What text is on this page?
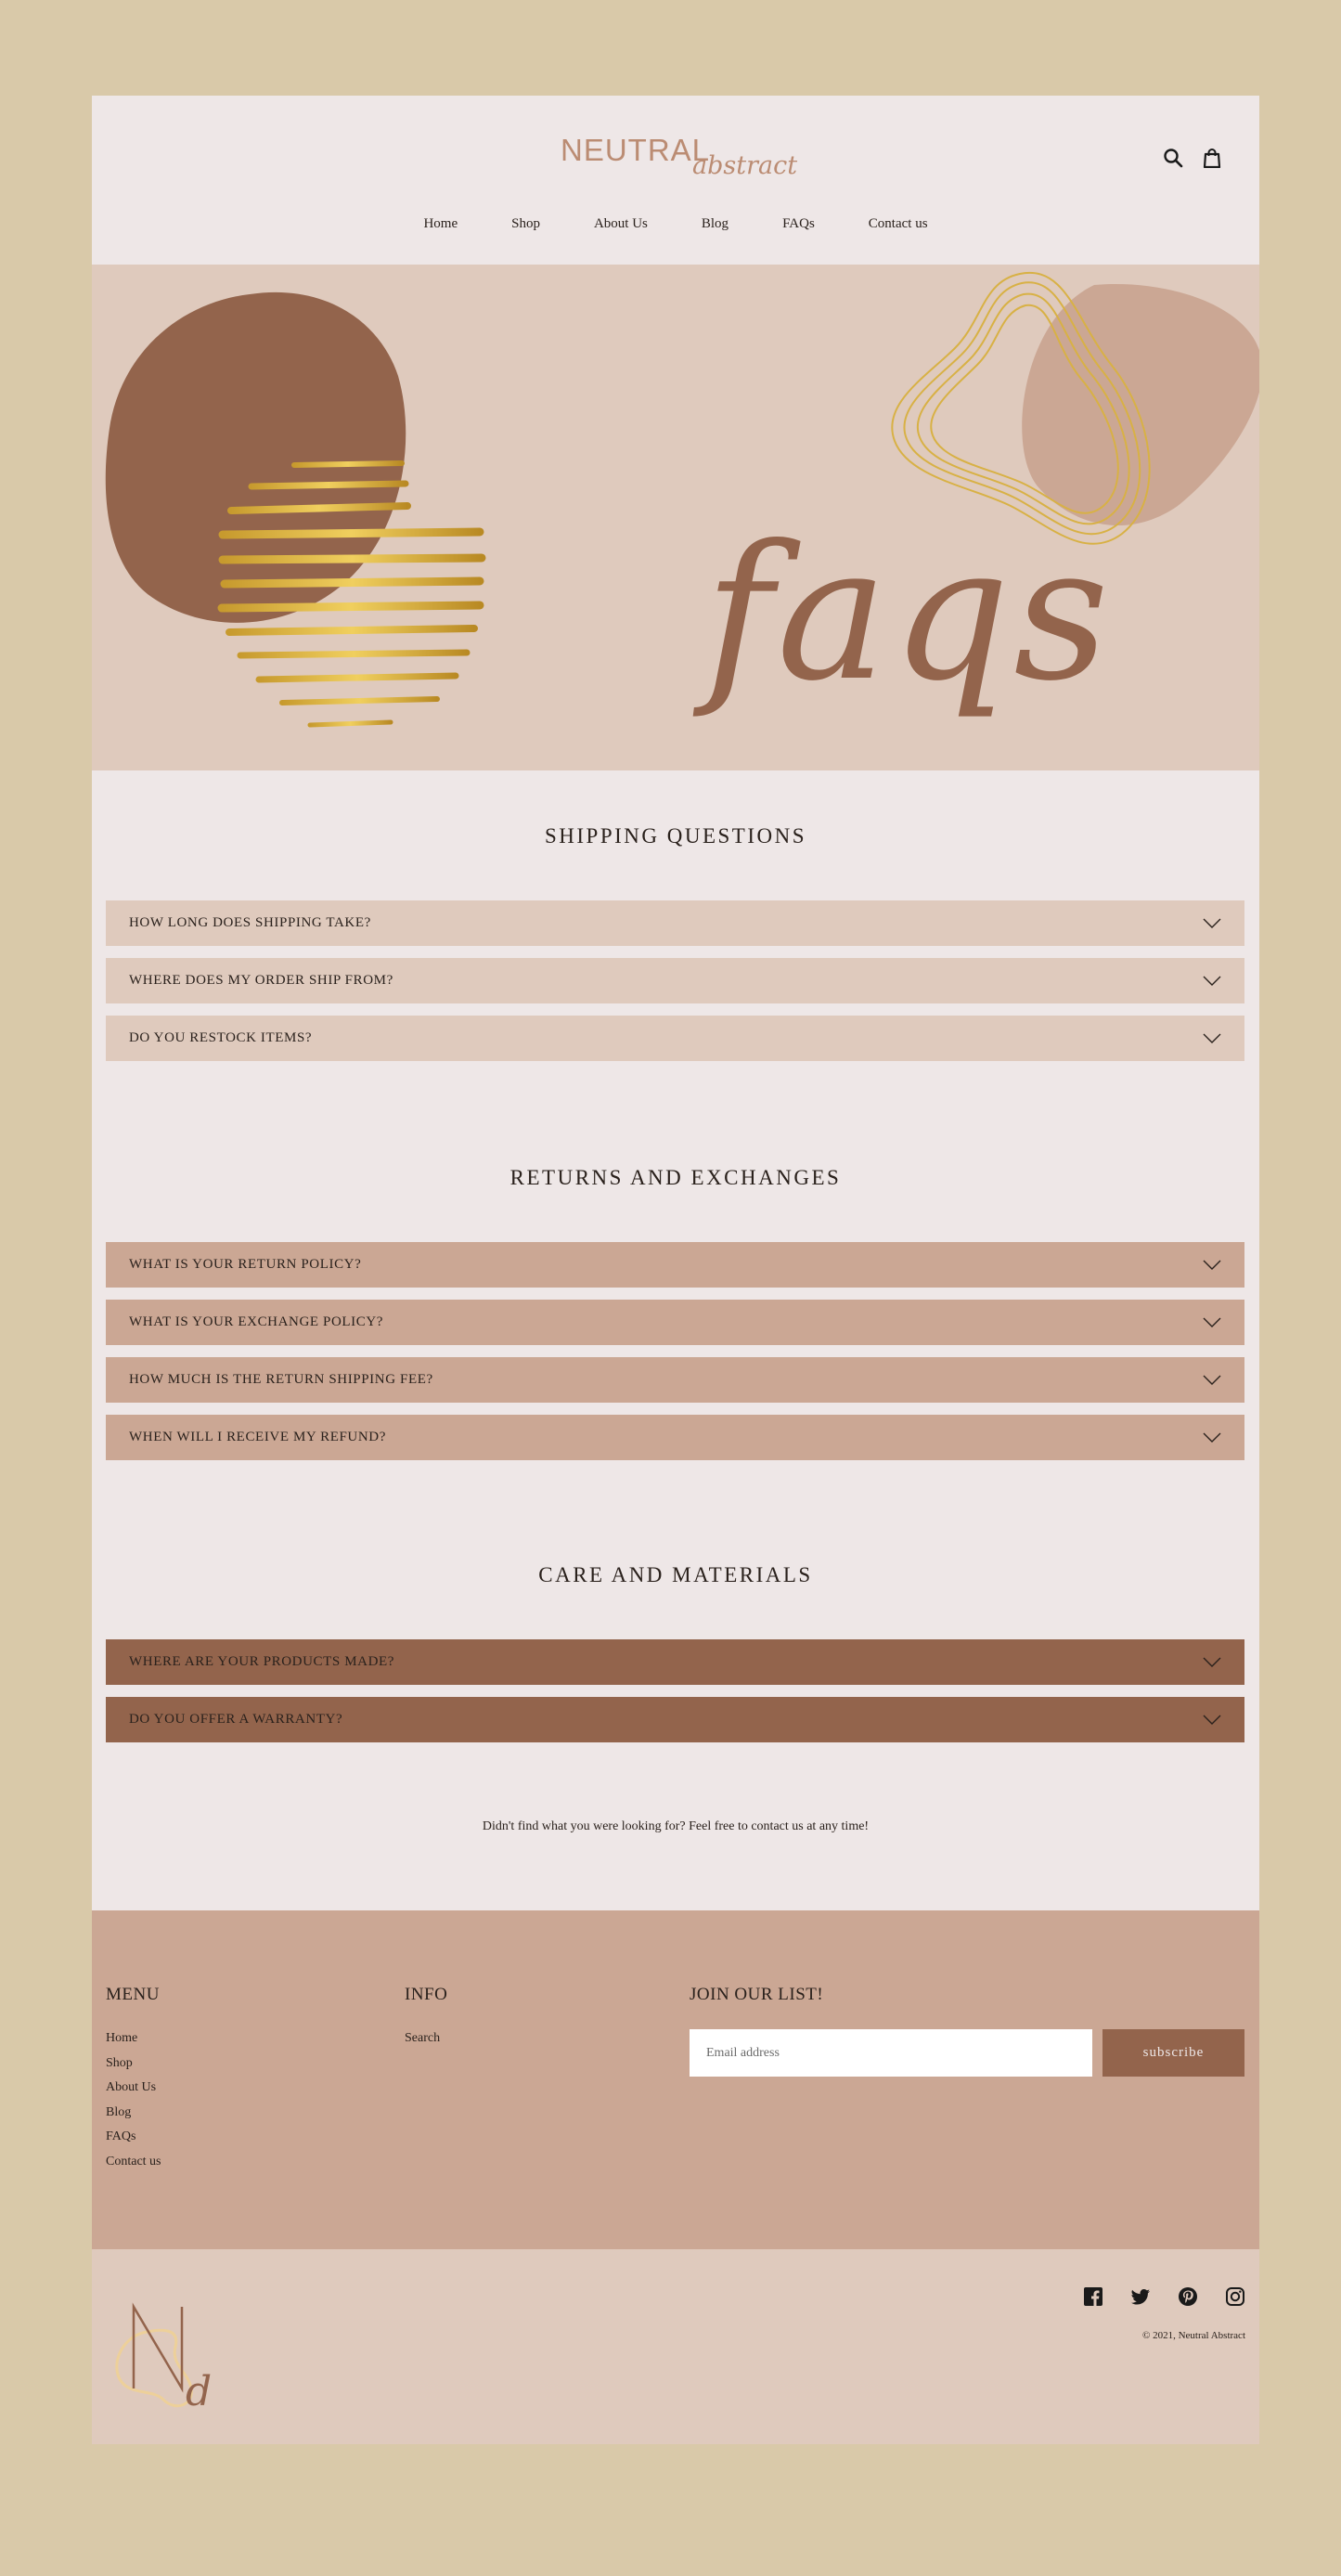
NEUTRAL
abstract
Home	Shop	About Us	Blog	FAQs	Contact us
faqs
SHIPPING QUESTIONS
HOW LONG DOES SHIPPING TAKE?
WHERE DOES MY ORDER SHIP FROM?
DO YOU RESTOCK ITEMS?
RETURNS AND EXCHANGES
WHAT IS YOUR RETURN POLICY?
WHAT IS YOUR EXCHANGE POLICY?
HOW MUCH IS THE RETURN SHIPPING FEE?
WHEN WILL I RECEIVE MY REFUND?
CARE AND MATERIALS
WHERE ARE YOUR PRODUCTS MADE?
DO YOU OFFER A WARRANTY?
Didn't find what you were looking for? Feel free to contact us at any time!
MENU
Home
Shop
About Us
Blog
FAQs
Contact us
INFO
Search
JOIN OUR LIST!
Email address
subscribe
d
© 2021, Neutral Abstract
